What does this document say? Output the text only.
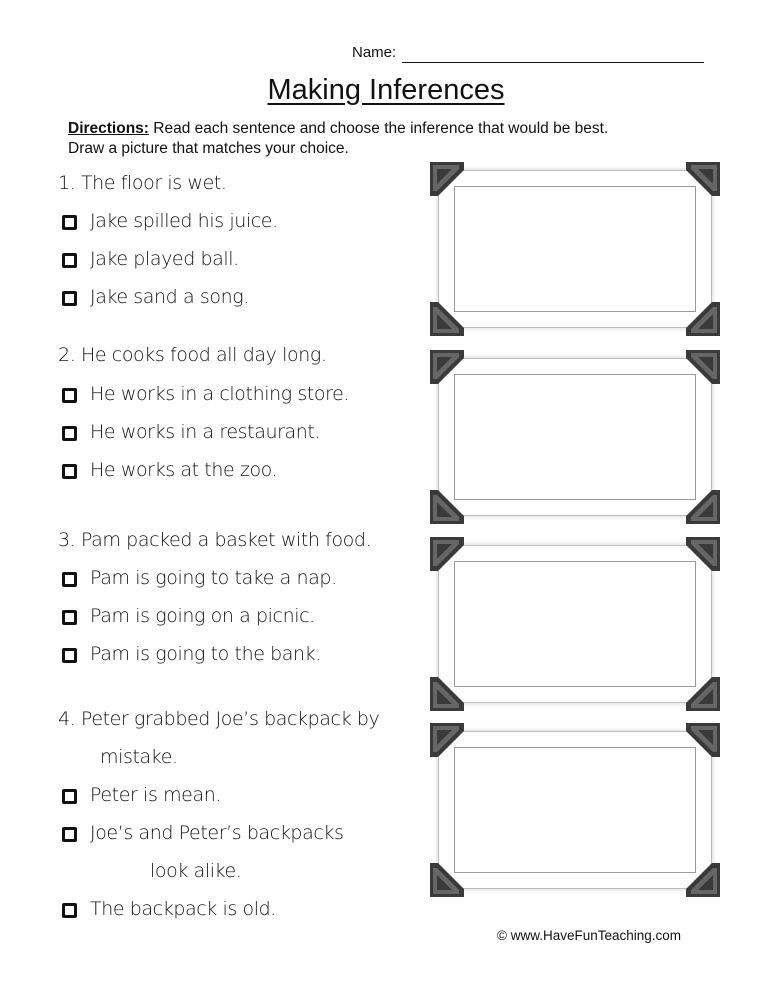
Name:
Making Inferences
Directions: Read each sentence and choose the inference that would be best.
Draw a picture that matches your choice.
1. The floor is wet.
Jake spilled his juice.
Jake played ball.
Jake sand a song.
2. He cooks food all day long.
He works in a clothing store.
He works in a restaurant.
He works at the zoo.
3. Pam packed a basket with food.
Pam is going to take a nap.
Pam is going on a picnic.
Pam is going to the bank.
4. Peter grabbed Joe’s backpack by
mistake.
Peter is mean.
Joe’s and Peter’s backpacks
look alike.
The backpack is old.
© www.HaveFunTeaching.com
